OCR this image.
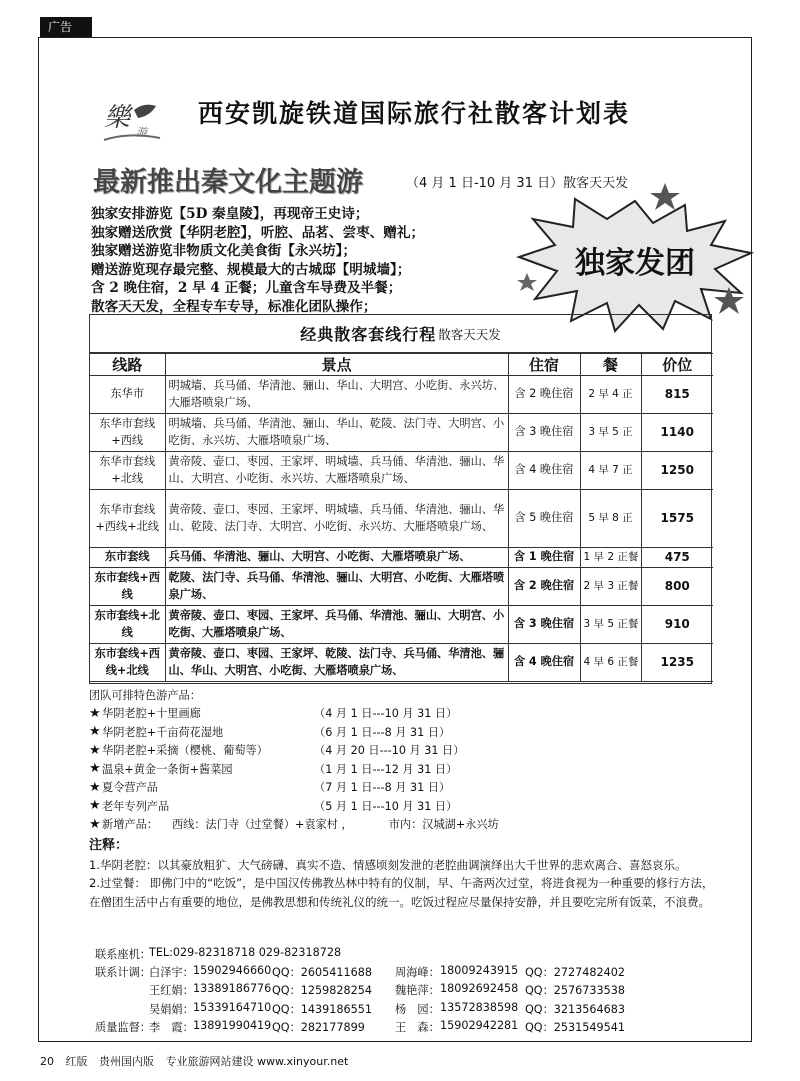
广告
樂 游
西安凯旋铁道国际旅行社散客计划表
最新推出秦文化主题游	（4 月 1 日-10 月 31 日）散客天天发
独家安排游览【5D 秦皇陵】，再现帝王史诗；
独家赠送欣赏【华阴老腔】，听腔、品茗、尝枣、赠礼；
独家赠送游览非物质文化美食街【永兴坊】；
赠送游览现存最完整、规模最大的古城邸【明城墙】；
含 2 晚住宿，2 早 4 正餐；儿童含车导费及半餐；
散客天天发，全程专车专导，标准化团队操作；
独家发团
经典散客套线行程 散客天天发
线路	景点	住宿	餐	价位
东华市	明城墙、兵马俑、华清池、骊山、华山、大明宫、小吃街、永兴坊、大雁塔喷泉广场、	含 2 晚住宿	2 早 4 正	815
东华市套线+西线	明城墙、兵马俑、华清池、骊山、华山、乾陵、法门寺、大明宫、小吃街、永兴坊、大雁塔喷泉广场、	含 3 晚住宿	3 早 5 正	1140
东华市套线+北线	黄帝陵、壶口、枣园、王家坪、明城墙、兵马俑、华清池、骊山、华山、大明宫、小吃街、永兴坊、大雁塔喷泉广场、	含 4 晚住宿	4 早 7 正	1250
东华市套线+西线+北线	黄帝陵、壶口、枣园、王家坪、明城墙、兵马俑、华清池、骊山、华山、乾陵、法门寺、大明宫、小吃街、永兴坊、大雁塔喷泉广场、	含 5 晚住宿	5 早 8 正	1575
东市套线	兵马俑、华清池、骊山、大明宫、小吃街、大雁塔喷泉广场、	含 1 晚住宿	1 早 2 正餐	475
东市套线+西线	乾陵、法门寺、兵马俑、华清池、骊山、大明宫、小吃街、大雁塔喷泉广场、	含 2 晚住宿	2 早 3 正餐	800
东市套线+北线	黄帝陵、壶口、枣园、王家坪、兵马俑、华清池、骊山、大明宫、小吃街、大雁塔喷泉广场、	含 3 晚住宿	3 早 5 正餐	910
东市套线+西线+北线	黄帝陵、壶口、枣园、王家坪、乾陵、法门寺、兵马俑、华清池、骊山、华山、大明宫、小吃街、大雁塔喷泉广场、	含 4 晚住宿	4 早 6 正餐	1235
团队可排特色游产品：
★ 华阴老腔+十里画廊	（4 月 1 日---10 月 31 日）
★ 华阴老腔+千亩荷花湿地	（6 月 1 日---8 月 31 日）
★ 华阴老腔+采摘（樱桃、葡萄等）	（4 月 20 日---10 月 31 日）
★ 温泉+黄金一条街+酱菜园	（1 月 1 日---12 月 31 日）
★ 夏令营产品	（7 月 1 日---8 月 31 日）
★ 老年专列产品	（5 月 1 日---10 月 31 日）
★ 新增产品： 西线：法门寺（过堂餐）+袁家村 ，	市内：汉城湖+永兴坊
注释：

1.华阴老腔：以其豪放粗犷、大气磅礴、真实不造、情感顷刻发泄的老腔曲调演绎出大千世界的悲欢离合、喜怒哀乐。

2.过堂餐： 即佛门中的“吃饭”，是中国汉传佛教丛林中特有的仪制，早、午斋两次过堂，将进食视为一种重要的修行方法，在僧团生活中占有重要的地位，是佛教思想和传统礼仪的统一。吃饭过程应尽量保持安静，并且要吃完所有饭菜，不浪费。

联系座机：
TEL:029-82318718 029-82318728
联系计调：
白泽宇： 15902946660 QQ：2605411688 周海峰： 18009243915 QQ：2727482402
王红娟： 13389186776 QQ：1259828254 魏艳萍： 18092692458 QQ：2576733538
吴娟娟： 15339164710 QQ：1439186551 杨　园： 13572838598 QQ：3213564683
质量监督：
李　霞： 13891990419 QQ：282177899	王　森： 15902942281 QQ：2531549541
20 红版 贵州国内版 专业旅游网站建设 www.xinyour.net
